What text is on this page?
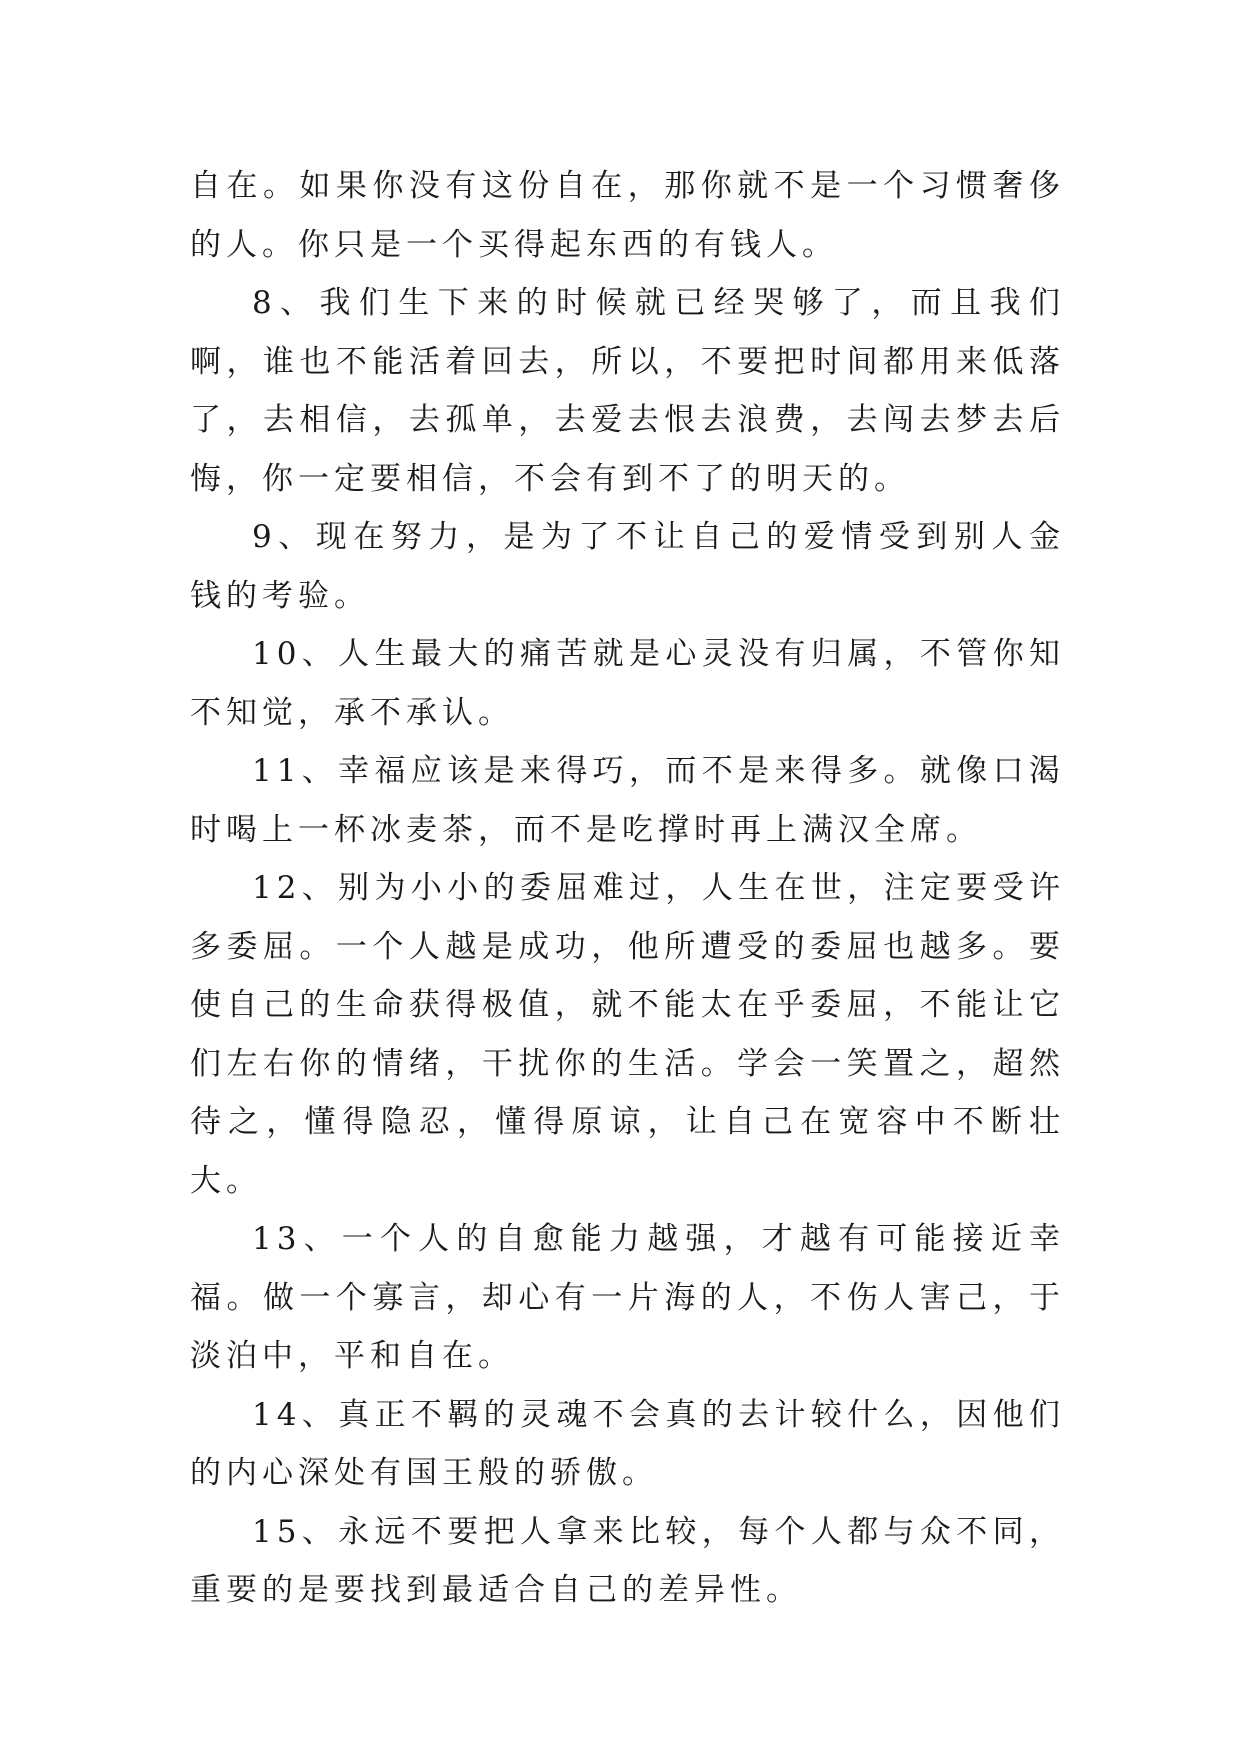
自在。如果你没有这份自在，那你就不是一个习惯奢侈的人。你只是一个买得起东西的有钱人。

8、我们生下来的时候就已经哭够了，而且我们啊，谁也不能活着回去，所以，不要把时间都用来低落了，去相信，去孤单，去爱去恨去浪费，去闯去梦去后悔，你一定要相信，不会有到不了的明天的。

9、现在努力，是为了不让自己的爱情受到别人金钱的考验。

10、人生最大的痛苦就是心灵没有归属，不管你知不知觉，承不承认。

11、幸福应该是来得巧，而不是来得多。就像口渴时喝上一杯冰麦茶，而不是吃撑时再上满汉全席。

12、别为小小的委屈难过，人生在世，注定要受许多委屈。一个人越是成功，他所遭受的委屈也越多。要使自己的生命获得极值，就不能太在乎委屈，不能让它们左右你的情绪，干扰你的生活。学会一笑置之，超然待之，懂得隐忍，懂得原谅，让自己在宽容中不断壮大。

13、一个人的自愈能力越强，才越有可能接近幸福。做一个寡言，却心有一片海的人，不伤人害己，于淡泊中，平和自在。

14、真正不羁的灵魂不会真的去计较什么，因他们的内心深处有国王般的骄傲。

15、永远不要把人拿来比较，每个人都与众不同，重要的是要找到最适合自己的差异性。
